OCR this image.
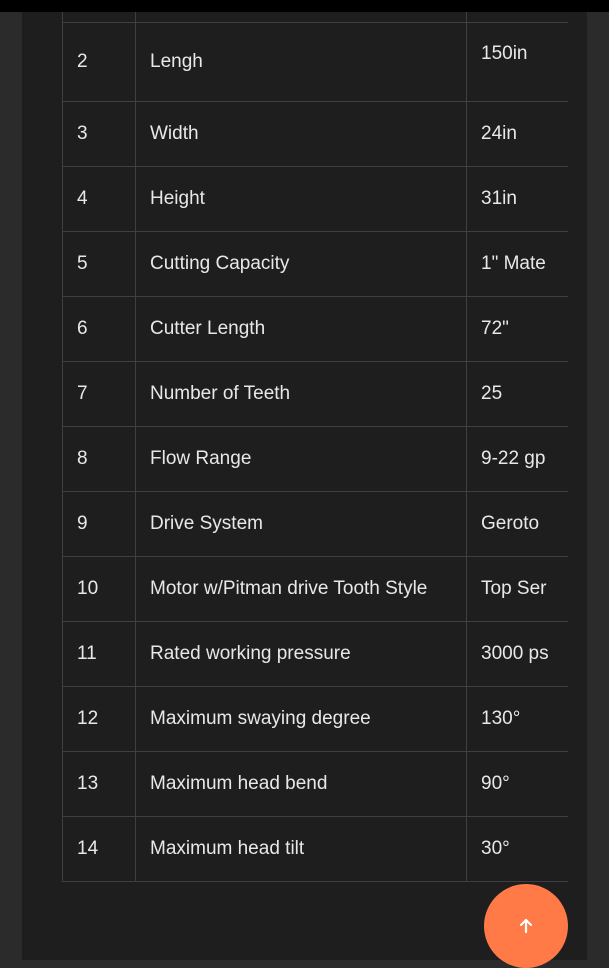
2	Lengh	150in
3	Width	24in
4	Height	31in
5	Cutting Capacity	1" Mate
6	Cutter Length	72"
7	Number of Teeth	25
8	Flow Range	9-22 gp
9	Drive System	Geroto
10	Motor w/Pitman drive Tooth Style	Top Ser
11	Rated working pressure	3000 ps
12	Maximum swaying degree	130°
13	Maximum head bend	90°
14	Maximum head tilt	30°
